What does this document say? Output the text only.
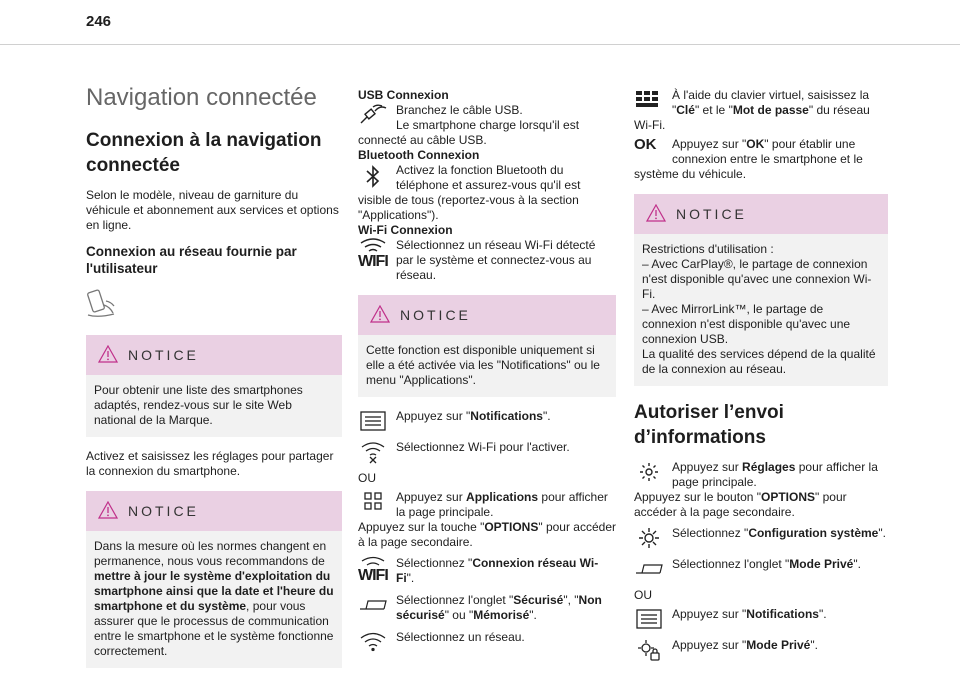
246
Navigation connectée
Connexion à la navigation connectée
Selon le modèle, niveau de garniture du véhicule et abonnement aux services et options en ligne.
Connexion au réseau fournie par l'utilisateur
NOTICE
Pour obtenir une liste des smartphones adaptés, rendez-vous sur le site Web national de la Marque.
Activez et saisissez les réglages pour partager la connexion du smartphone.
NOTICE
Dans la mesure où les normes changent en permanence, nous vous recommandons de mettre à jour le système d'exploitation du smartphone ainsi que la date et l'heure du smartphone et du système, pour vous assurer que le processus de communication entre le smartphone et le système fonctionne correctement.
USB Connexion
Branchez le câble USB.
Le smartphone charge lorsqu'il est connecté au câble USB.
Bluetooth Connexion
Activez la fonction Bluetooth du téléphone et assurez-vous qu'il est visible de tous (reportez-vous à la section "Applications").
Wi-Fi Connexion
WIFI
Sélectionnez un réseau Wi-Fi détecté par le système et connectez-vous au réseau.
NOTICE
Cette fonction est disponible uniquement si elle a été activée via les "Notifications" ou le menu "Applications".
Appuyez sur "Notifications".
Sélectionnez Wi-Fi pour l'activer.
OU
Appuyez sur Applications pour afficher la page principale.
Appuyez sur la touche "OPTIONS" pour accéder à la page secondaire.
WIFI
Sélectionnez "Connexion réseau Wi-Fi".
Sélectionnez l'onglet "Sécurisé", "Non sécurisé" ou "Mémorisé".
Sélectionnez un réseau.
À l'aide du clavier virtuel, saisissez la "Clé" et le "Mot de passe" du réseau Wi-Fi.
OK	Appuyez sur "OK" pour établir une connexion entre le smartphone et le système du véhicule.
NOTICE
Restrictions d'utilisation :
– Avec CarPlay®, le partage de connexion n'est disponible qu'avec une connexion Wi-Fi.
– Avec MirrorLink™, le partage de connexion n'est disponible qu'avec une connexion USB.
La qualité des services dépend de la qualité de la connexion au réseau.
Autoriser l’envoi d’informations
Appuyez sur Réglages pour afficher la page principale.
Appuyez sur le bouton "OPTIONS" pour accéder à la page secondaire.
Sélectionnez "Configuration système".
Sélectionnez l'onglet "Mode Privé".
OU
Appuyez sur "Notifications".
Appuyez sur "Mode Privé".
